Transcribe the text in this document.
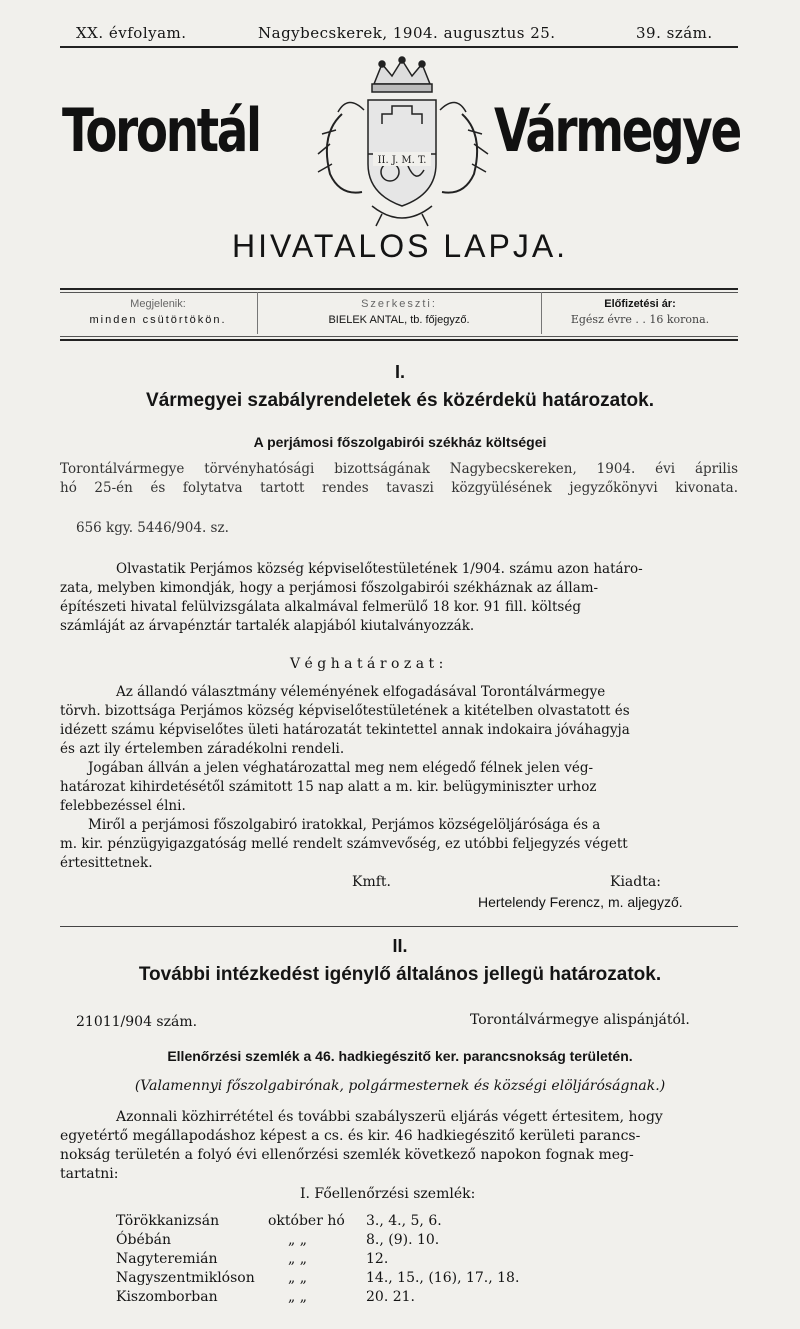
XX. évfolyam.	Nagybecskerek, 1904. augusztus 25.	39. szám.
Torontál	Vármegye
II. J. M. T.
HIVATALOS LAPJA.
Megjelenik:
minden csütörtökön.
Szerkeszti:
BIELEK ANTAL, tb. főjegyző.
Előfizetési ár:
Egész évre . . 16 korona.
I.
Vármegyei szabályrendeletek és közérdekü határozatok.
A perjámosi főszolgabirói székház költségei
Torontálvármegye törvényhatósági bizottságának Nagybecskereken, 1904. évi április
hó 25-én és folytatva tartott rendes tavaszi közgyülésének jegyzőkönyvi kivonata.
656 kgy. 5446/904. sz.
Olvastatik Perjámos község képviselőtestületének 1/904. számu azon határo-
zata, melyben kimondják, hogy a perjámosi főszolgabirói székháznak az állam-
építészeti hivatal felülvizsgálata alkalmával felmerülő 18 kor. 91 fill. költség
számláját az árvapénztár tartalék alapjából kiutalványozzák.
V é g h a t á r o z a t :
Az állandó választmány véleményének elfogadásával Torontálvármegye
törvh. bizottsága Perjámos község képviselőtestületének a kitételben olvastatott és
idézett számu képviselőtes ületi határozatát tekintettel annak indokaira jóváhagyja
és azt ily értelemben záradékolni rendeli.
Jogában állván a jelen véghatározattal meg nem elégedő félnek jelen vég-
határozat kihirdetésétől számitott 15 nap alatt a m. kir. belügyminiszter urhoz
felebbezéssel élni.
Miről a perjámosi főszolgabiró iratokkal, Perjámos községelöljárósága és a
m. kir. pénzügyigazgatóság mellé rendelt számvevőség, ez utóbbi feljegyzés végett
értesittetnek.
Kmft.	Kiadta:
Hertelendy Ferencz, m. aljegyző.
II.
További intézkedést igénylő általános jellegü határozatok.
21011/904 szám.	Torontálvármegye alispánjától.
Ellenőrzési szemlék a 46. hadkiegészitő ker. parancsnokság területén.
(Valamennyi főszolgabirónak, polgármesternek és községi elöljáróságnak.)
Azonnali közhirrététel és további szabályszerü eljárás végett értesitem, hogy
egyetértő megállapodáshoz képest a cs. és kir. 46 hadkiegészitő kerületi parancs-
nokság területén a folyó évi ellenőrzési szemlék következő napokon fognak meg-
tartatni:
I. Főellenőrzési szemlék:
Törökkanizsán	október hó	3., 4., 5, 6.
Óbébán	„ „	8., (9). 10.
Nagyteremián	„ „	12.
Nagyszentmiklóson	„ „	14., 15., (16), 17., 18.
Kiszomborban	„ „	20. 21.
